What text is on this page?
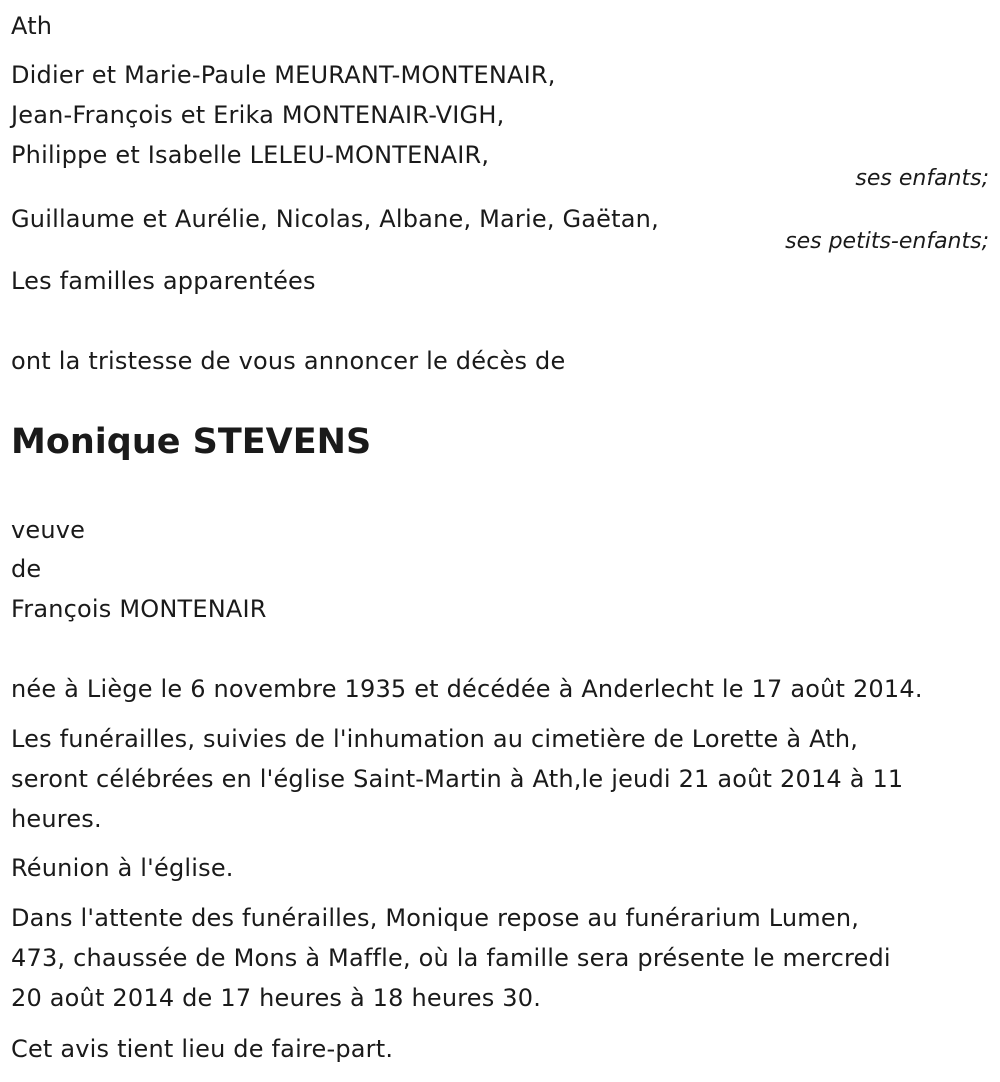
Ath
Didier et Marie-Paule MEURANT-MONTENAIR,
Jean-François et Erika MONTENAIR-VIGH,
Philippe et Isabelle LELEU-MONTENAIR,
ses enfants;
Guillaume et Aurélie, Nicolas, Albane, Marie, Gaëtan,
ses petits-enfants;
Les familles apparentées
ont la tristesse de vous annoncer le décès de
Monique STEVENS
veuve
de
François MONTENAIR
née à Liège le 6 novembre 1935 et décédée à Anderlecht le 17 août 2014.
Les funérailles, suivies de l'inhumation au cimetière de Lorette à Ath,
seront célébrées en l'église Saint-Martin à Ath,le jeudi 21 août 2014 à 11
heures.
Réunion à l'église.
Dans l'attente des funérailles, Monique repose au funérarium Lumen,
473, chaussée de Mons à Maffle, où la famille sera présente le mercredi
20 août 2014 de 17 heures à 18 heures 30.
Cet avis tient lieu de faire-part.
